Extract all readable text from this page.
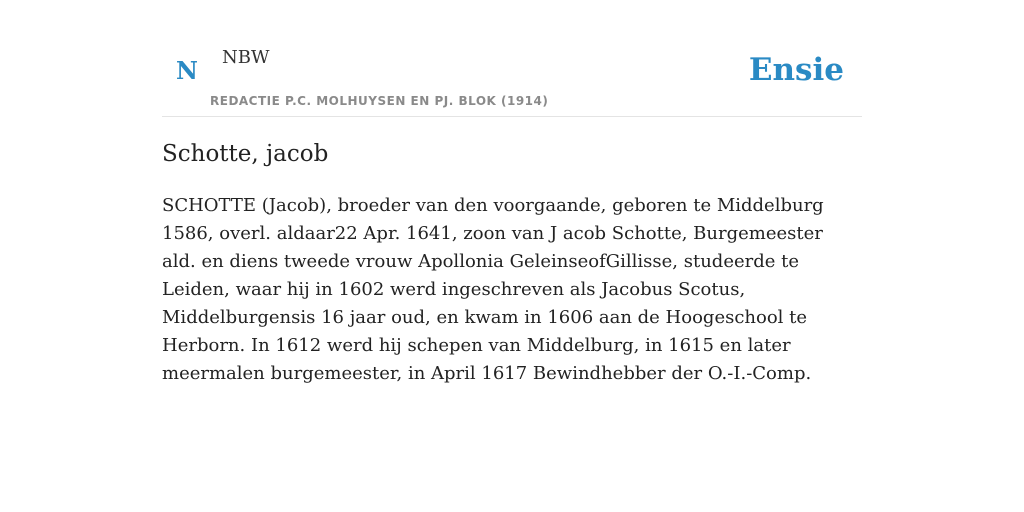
N NBW
REDACTIE P.C. MOLHUYSEN EN PJ. BLOK (1914)
Ensie
Schotte, jacob

SCHOTTE (Jacob), broeder van den voorgaande, geboren te Middelburg 1586, overl. aldaar22 Apr. 1641, zoon van J acob Schotte, Burgemeester ald. en diens tweede vrouw Apollonia GeleinseofGillisse, studeerde te Leiden, waar hij in 1602 werd ingeschreven als Jacobus Scotus, Middelburgensis 16 jaar oud, en kwam in 1606 aan de Hoogeschool te Herborn. In 1612 werd hij schepen van Middelburg, in 1615 en later meermalen burgemeester, in April 1617 Bewindhebber der O.-I.-Comp.
